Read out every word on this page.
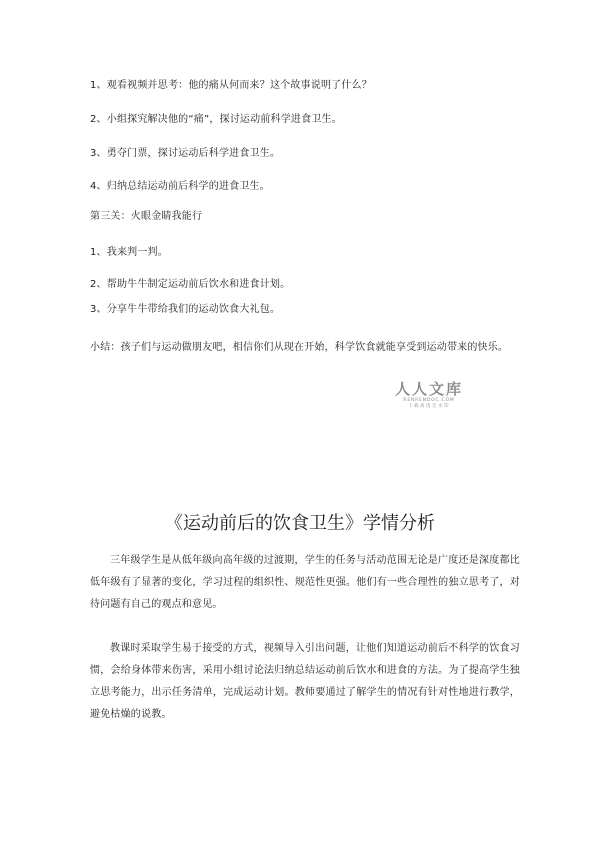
1、观看视频并思考：他的痛从何而来？这个故事说明了什么？
2、小组探究解决他的“痛”，探讨运动前科学进食卫生。
3、勇夺门票，探讨运动后科学进食卫生。
4、归纳总结运动前后科学的进食卫生。
第三关：火眼金睛我能行
1、我来判一判。
2、帮助牛牛制定运动前后饮水和进食计划。
3、分享牛牛带给我们的运动饮食大礼包。
小结：孩子们与运动做朋友吧，相信你们从现在开始，科学饮食就能享受到运动带来的快乐。
人人文库
RENRENDOC.COM
下载高清无水印
《运动前后的饮食卫生》学情分析
三年级学生是从低年级向高年级的过渡期，学生的任务与活动范围无论是广度还是深度都比低年级有了显著的变化，学习过程的组织性、规范性更强。他们有一些合理性的独立思考了，对待问题有自己的观点和意见。
教课时采取学生易于接受的方式，视频导入引出问题，让他们知道运动前后不科学的饮食习惯，会给身体带来伤害，采用小组讨论法归纳总结运动前后饮水和进食的方法。为了提高学生独立思考能力，出示任务清单，完成运动计划。教师要通过了解学生的情况有针对性地进行教学，避免枯燥的说教。
